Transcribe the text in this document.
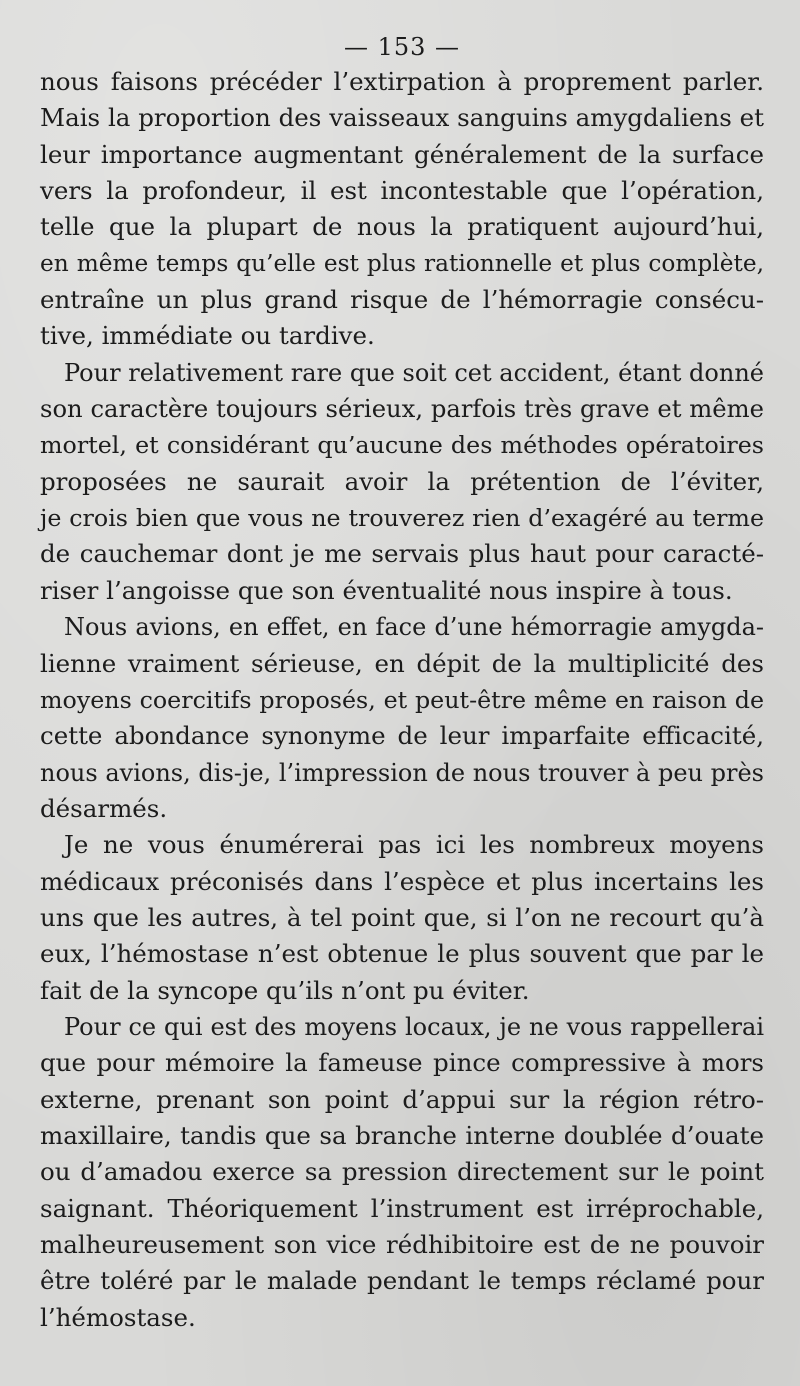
— 153 —
nous faisons précéder l’extirpation à proprement parler.
Mais la proportion des vaisseaux sanguins amygdaliens et
leur importance augmentant généralement de la surface
vers la profondeur, il est incontestable que l’opération,
telle que la plupart de nous la pratiquent aujourd’hui,
en même temps qu’elle est plus rationnelle et plus complète,
entraîne un plus grand risque de l’hémorragie consécu-
tive, immédiate ou tardive.
Pour relativement rare que soit cet accident, étant donné
son caractère toujours sérieux, parfois très grave et même
mortel, et considérant qu’aucune des méthodes opératoires
proposées ne saurait avoir la prétention de l’éviter,
je crois bien que vous ne trouverez rien d’exagéré au terme
de cauchemar dont je me servais plus haut pour caracté-
riser l’angoisse que son éventualité nous inspire à tous.
Nous avions, en effet, en face d’une hémorragie amygda-
lienne vraiment sérieuse, en dépit de la multiplicité des
moyens coercitifs proposés, et peut-être même en raison de
cette abondance synonyme de leur imparfaite efficacité,
nous avions, dis-je, l’impression de nous trouver à peu près
désarmés.
Je ne vous énumérerai pas ici les nombreux moyens
médicaux préconisés dans l’espèce et plus incertains les
uns que les autres, à tel point que, si l’on ne recourt qu’à
eux, l’hémostase n’est obtenue le plus souvent que par le
fait de la syncope qu’ils n’ont pu éviter.
Pour ce qui est des moyens locaux, je ne vous rappellerai
que pour mémoire la fameuse pince compressive à mors
externe, prenant son point d’appui sur la région rétro-
maxillaire, tandis que sa branche interne doublée d’ouate
ou d’amadou exerce sa pression directement sur le point
saignant. Théoriquement l’instrument est irréprochable,
malheureusement son vice rédhibitoire est de ne pouvoir
être toléré par le malade pendant le temps réclamé pour
l’hémostase.
